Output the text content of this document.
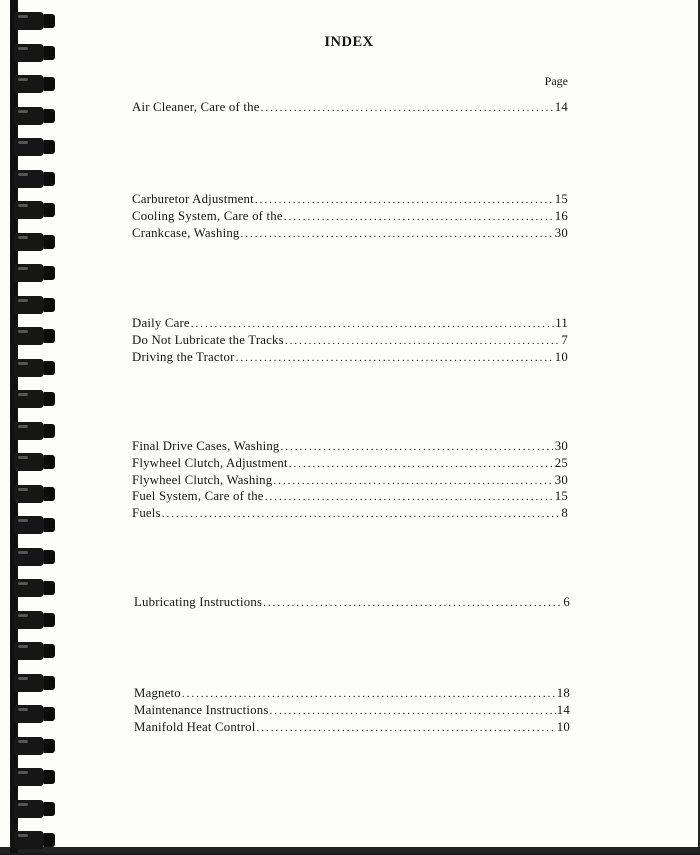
INDEX
Page
Air Cleaner, Care of the .....	14
Carburetor Adjustment .....	15
Cooling System, Care of the .....	16
Crankcase, Washing .....	30
Daily Care .....	11
Do Not Lubricate the Tracks .....	7
Driving the Tractor .....	10
Final Drive Cases, Washing .....	30
Flywheel Clutch, Adjustment .....	25
Flywheel Clutch, Washing .....	30
Fuel System, Care of the .....	15
Fuels .....	8
Lubricating Instructions .....	6
Magneto .....	18
Maintenance Instructions .....	14
Manifold Heat Control .....	10
